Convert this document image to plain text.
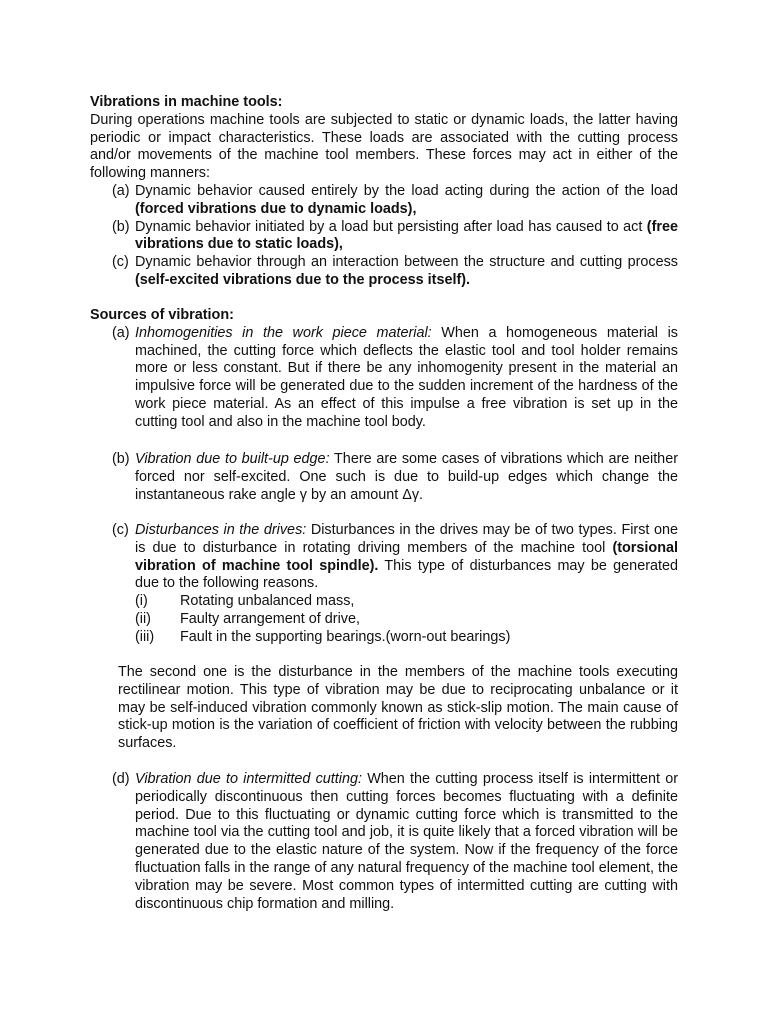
Vibrations in machine tools:

During operations machine tools are subjected to static or dynamic loads, the latter having periodic or impact characteristics. These loads are associated with the cutting process and/or movements of the machine tool members. These forces may act in either of the following manners:

(a) Dynamic behavior caused entirely by the load acting during the action of the load (forced vibrations due to dynamic loads),
(b) Dynamic behavior initiated by a load but persisting after load has caused to act (free vibrations due to static loads),
(c) Dynamic behavior through an interaction between the structure and cutting process (self-excited vibrations due to the process itself).

Sources of vibration:

(a) Inhomogenities in the work piece material: When a homogeneous material is machined, the cutting force which deflects the elastic tool and tool holder remains more or less constant. But if there be any inhomogenity present in the material an impulsive force will be generated due to the sudden increment of the hardness of the work piece material. As an effect of this impulse a free vibration is set up in the cutting tool and also in the machine tool body.
(b) Vibration due to built-up edge: There are some cases of vibrations which are neither forced nor self-excited. One such is due to build-up edges which change the instantaneous rake angle γ by an amount Δγ.
(c) Disturbances in the drives: Disturbances in the drives may be of two types. First one is due to disturbance in rotating driving members of the machine tool (torsional vibration of machine tool spindle). This type of disturbances may be generated due to the following reasons.
(i) Rotating unbalanced mass,
(ii) Faulty arrangement of drive,
(iii) Fault in the supporting bearings.(worn-out bearings)

The second one is the disturbance in the members of the machine tools executing rectilinear motion. This type of vibration may be due to reciprocating unbalance or it may be self-induced vibration commonly known as stick-slip motion. The main cause of stick-up motion is the variation of coefficient of friction with velocity between the rubbing surfaces.

(d) Vibration due to intermitted cutting: When the cutting process itself is intermittent or periodically discontinuous then cutting forces becomes fluctuating with a definite period. Due to this fluctuating or dynamic cutting force which is transmitted to the machine tool via the cutting tool and job, it is quite likely that a forced vibration will be generated due to the elastic nature of the system. Now if the frequency of the force fluctuation falls in the range of any natural frequency of the machine tool element, the vibration may be severe. Most common types of intermitted cutting are cutting with discontinuous chip formation and milling.
